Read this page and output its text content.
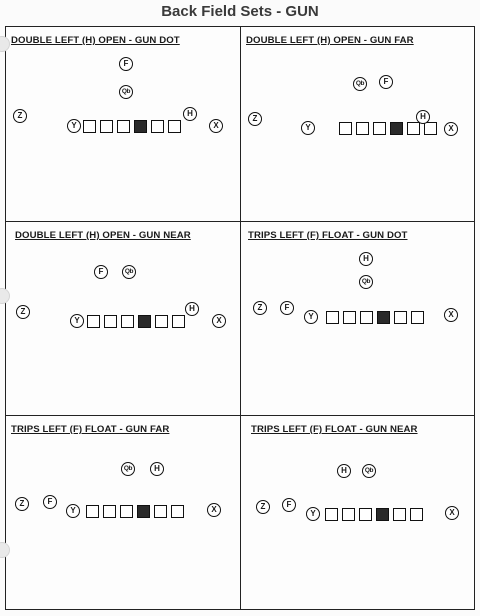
Back Field Sets - GUN
DOUBLE LEFT (H) OPEN - GUN DOT
F
Qb
Z
Y
H
X
DOUBLE LEFT (H) OPEN - GUN FAR
Qb	F
Z
Y
H
X
DOUBLE LEFT (H) OPEN - GUN NEAR
F	Qb
Z
Y
H
X
TRIPS LEFT (F) FLOAT - GUN DOT
H
Qb
Z	F
Y	X
TRIPS LEFT (F) FLOAT - GUN FAR
Qb	H
Z	F
Y	X
TRIPS LEFT (F) FLOAT - GUN NEAR
H	Qb
Z	F
Y	X
